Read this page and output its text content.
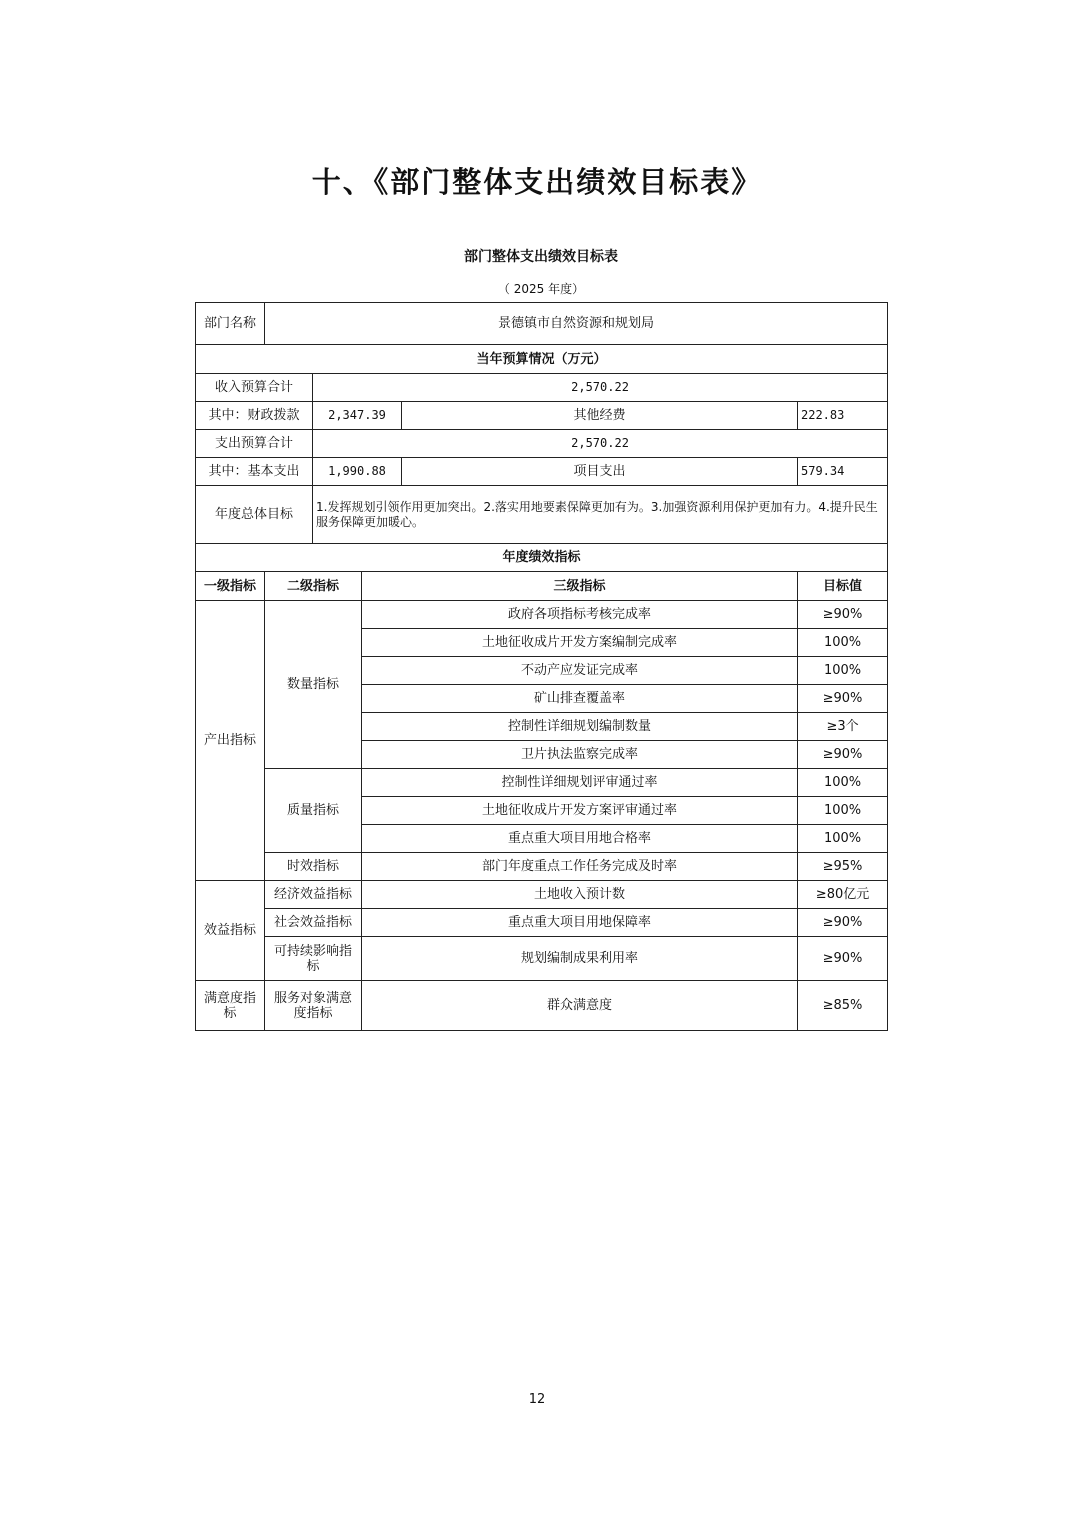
十、《部门整体支出绩效目标表》
部门整体支出绩效目标表
（ 2025 年度）
部门名称	景德镇市自然资源和规划局				
当年预算情况（万元）					
收入预算合计		2,570.22			
其中：财政拨款		2,347.39		其他经费	222.83
支出预算合计		2,570.22			
其中：基本支出		1,990.88		项目支出	579.34
年度总体目标		1.发挥规划引领作用更加突出。2.落实用地要素保障更加有为。3.加强资源利用保护更加有力。4.提升民生服务保障更加暖心。			
年度绩效指标					
一级指标	二级指标		三级指标		目标值
产出指标	数量指标		政府各项指标考核完成率		≥90%
			土地征收成片开发方案编制完成率		100%
			不动产应发证完成率		100%
			矿山排查覆盖率		≥90%
			控制性详细规划编制数量		≥3个
			卫片执法监察完成率		≥90%
	质量指标		控制性详细规划评审通过率		100%
			土地征收成片开发方案评审通过率		100%
			重点重大项目用地合格率		100%
	时效指标		部门年度重点工作任务完成及时率		≥95%
效益指标	经济效益指标		土地收入预计数		≥80亿元
	社会效益指标		重点重大项目用地保障率		≥90%
	可持续影响指标		规划编制成果利用率		≥90%
满意度指标	服务对象满意度指标		群众满意度		≥85%
12
